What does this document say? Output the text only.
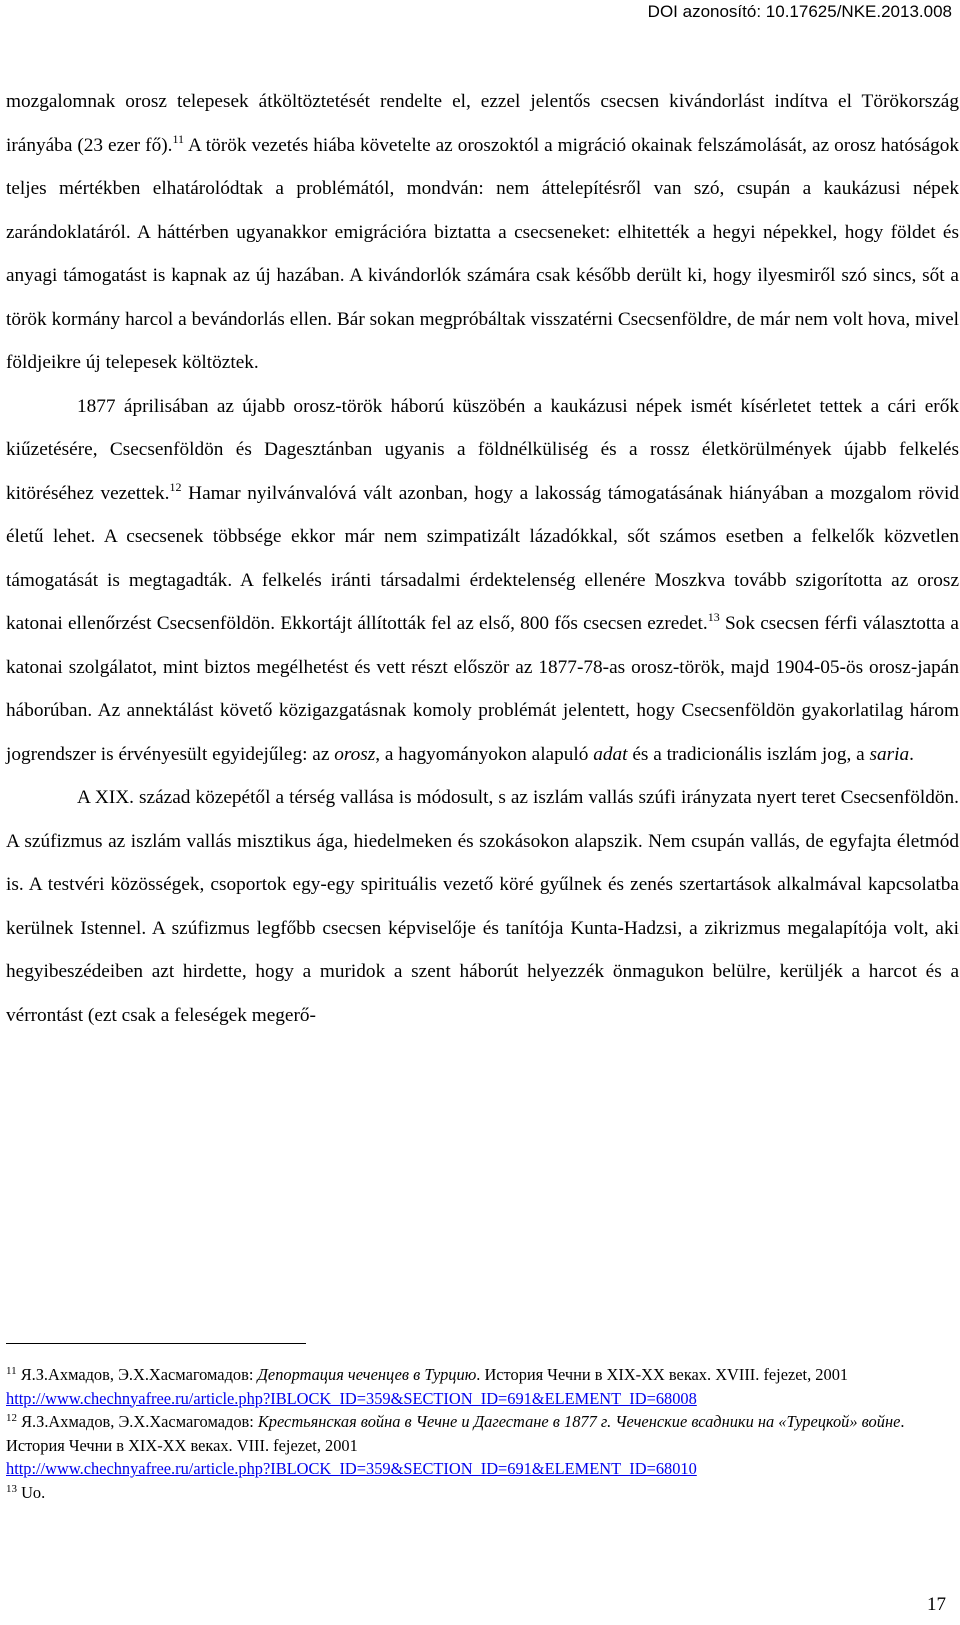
DOI azonosító: 10.17625/NKE.2013.008

mozgalomnak orosz telepesek átköltöztetését rendelte el, ezzel jelentős csecsen kivándorlást indítva el Törökország irányába (23 ezer fő).$^{11}$ A török vezetés hiába követelte az oroszoktól a migráció okainak felszámolását, az orosz hatóságok teljes mértékben elhatárolódtak a problémától, mondván: nem áttelepítésről van szó, csupán a kaukázusi népek zarándoklatáról. A háttérben ugyanakkor emigrációra biztatta a csecseneket: elhitették a hegyi népekkel, hogy földet és anyagi támogatást is kapnak az új hazában. A kivándorlók számára csak később derült ki, hogy ilyesmiről szó sincs, sőt a török kormány harcol a bevándorlás ellen. Bár sokan megpróbáltak visszatérni Csecsenföldre, de már nem volt hova, mivel földjeikre új telepesek költöztek.

1877 áprilisában az újabb orosz-török háború küszöbén a kaukázusi népek ismét kísérletet tettek a cári erők kiűzetésére, Csecsenföldön és Dagesztánban ugyanis a földnélküliség és a rossz életkörülmények újabb felkelés kitöréséhez vezettek.$^{12}$ Hamar nyilvánvalóvá vált azonban, hogy a lakosság támogatásának hiányában a mozgalom rövid életű lehet. A csecsenek többsége ekkor már nem szimpatizált lázadókkal, sőt számos esetben a felkelők közvetlen támogatását is megtagadták. A felkelés iránti társadalmi érdektelenség ellenére Moszkva tovább szigorította az orosz katonai ellenőrzést Csecsenföldön. Ekkortájt állították fel az első, 800 fős csecsen ezredet.$^{13}$ Sok csecsen férfi választotta a katonai szolgálatot, mint biztos megélhetést és vett részt először az 1877-78-as orosz-török, majd 1904-05-ös orosz-japán háborúban. Az annektálást követő közigazgatásnak komoly problémát jelentett, hogy Csecsenföldön gyakorlatilag három jogrendszer is érvényesült egyidejűleg: az orosz, a hagyományokon alapuló adat és a tradicionális iszlám jog, a saria.

A XIX. század közepétől a térség vallása is módosult, s az iszlám vallás szúfi irányzata nyert teret Csecsenföldön. A szúfizmus az iszlám vallás misztikus ága, hiedelmeken és szokásokon alapszik. Nem csupán vallás, de egyfajta életmód is. A testvéri közösségek, csoportok egy-egy spirituális vezető köré gyűlnek és zenés szertartások alkalmával kapcsolatba kerülnek Istennel. A szúfizmus legfőbb csecsen képviselője és tanítója Kunta-Hadzsi, a zikrizmus megalapítója volt, aki hegyibeszédeiben azt hirdette, hogy a muridok a szent háborút helyezzék önmagukon belülre, kerüljék a harcot és a vérrontást (ezt csak a feleségek megerő-

$^{11}$ Я.З.Ахмадов, Э.Х.Хасмагомадов: Депортация чеченцев в Турцию. История Чечни в XIX-XX веках. XVIII. fejezet, 2001
http://www.chechnyafree.ru/article.php?IBLOCK_ID=359&SECTION_ID=691&ELEMENT_ID=68008
$^{12}$ Я.З.Ахмадов, Э.Х.Хасмагомадов: Крестьянская война в Чечне и Дагестане в 1877 г. Чеченские всадники на «Турецкой» войне. История Чечни в XIX-XX веках. VIII. fejezet, 2001
http://www.chechnyafree.ru/article.php?IBLOCK_ID=359&SECTION_ID=691&ELEMENT_ID=68010
$^{13}$ Uo.
17
